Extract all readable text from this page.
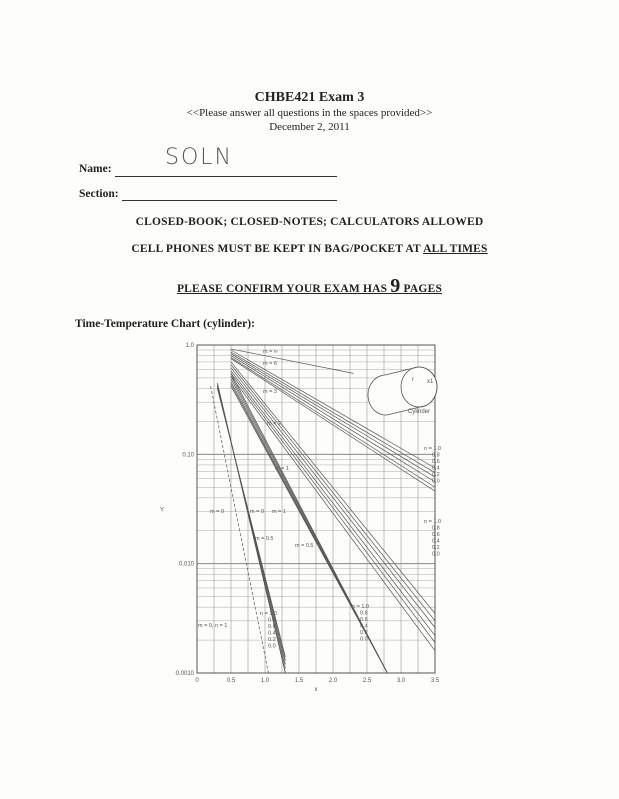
CHBE421 Exam 3
<<Please answer all questions in the spaces provided>>
December 2, 2011
Name: SOLN
Section:
CLOSED-BOOK; CLOSED-NOTES; CALCULATORS ALLOWED
CELL PHONES MUST BE KEPT IN BAG/POCKET AT ALL TIMES
PLEASE CONFIRM YOUR EXAM HAS 9 PAGES
Time-Temperature Chart (cylinder):
0	0.5	1.0	1.5	2.0	2.5	3.0	3.5
1.0
0.10
0.010
0.0010
x
Y
Cylinder
r x1
m = ∞
m = 6
m = 3
m = 2
m = 1
m = 0	m = 0 m = 1
m = 0.5
m = 0.5
m = 0, n = 1
n = 1.0
0.8
0.6
0.4
0.2
0.0
n = 1.0
0.8
0.6
0.4
0.2
0.0
n = 1.0
0.8
0.6
0.4
0.2
0.0
n = 1.0
0.8
0.6
0.4
0.2
0.0
